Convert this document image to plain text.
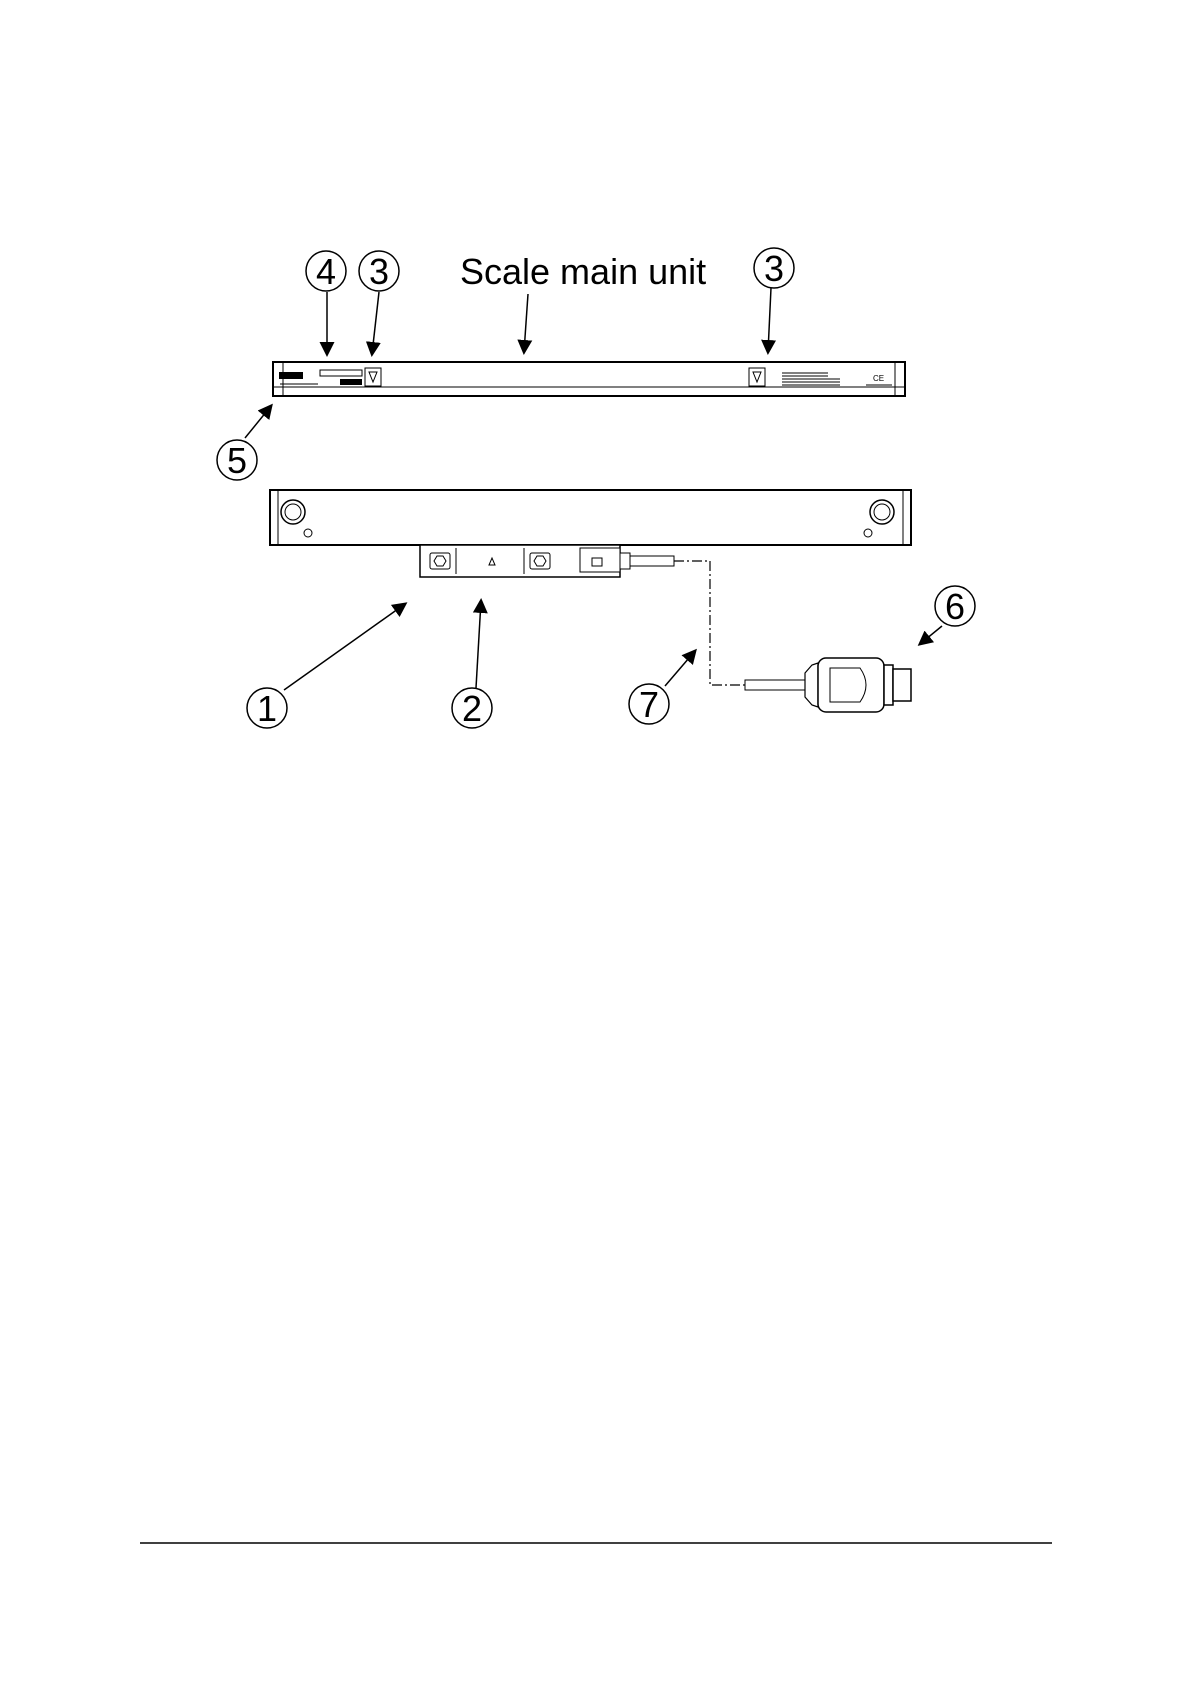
Scale main unit
CE
4 3	3
5
6
1	2	7
